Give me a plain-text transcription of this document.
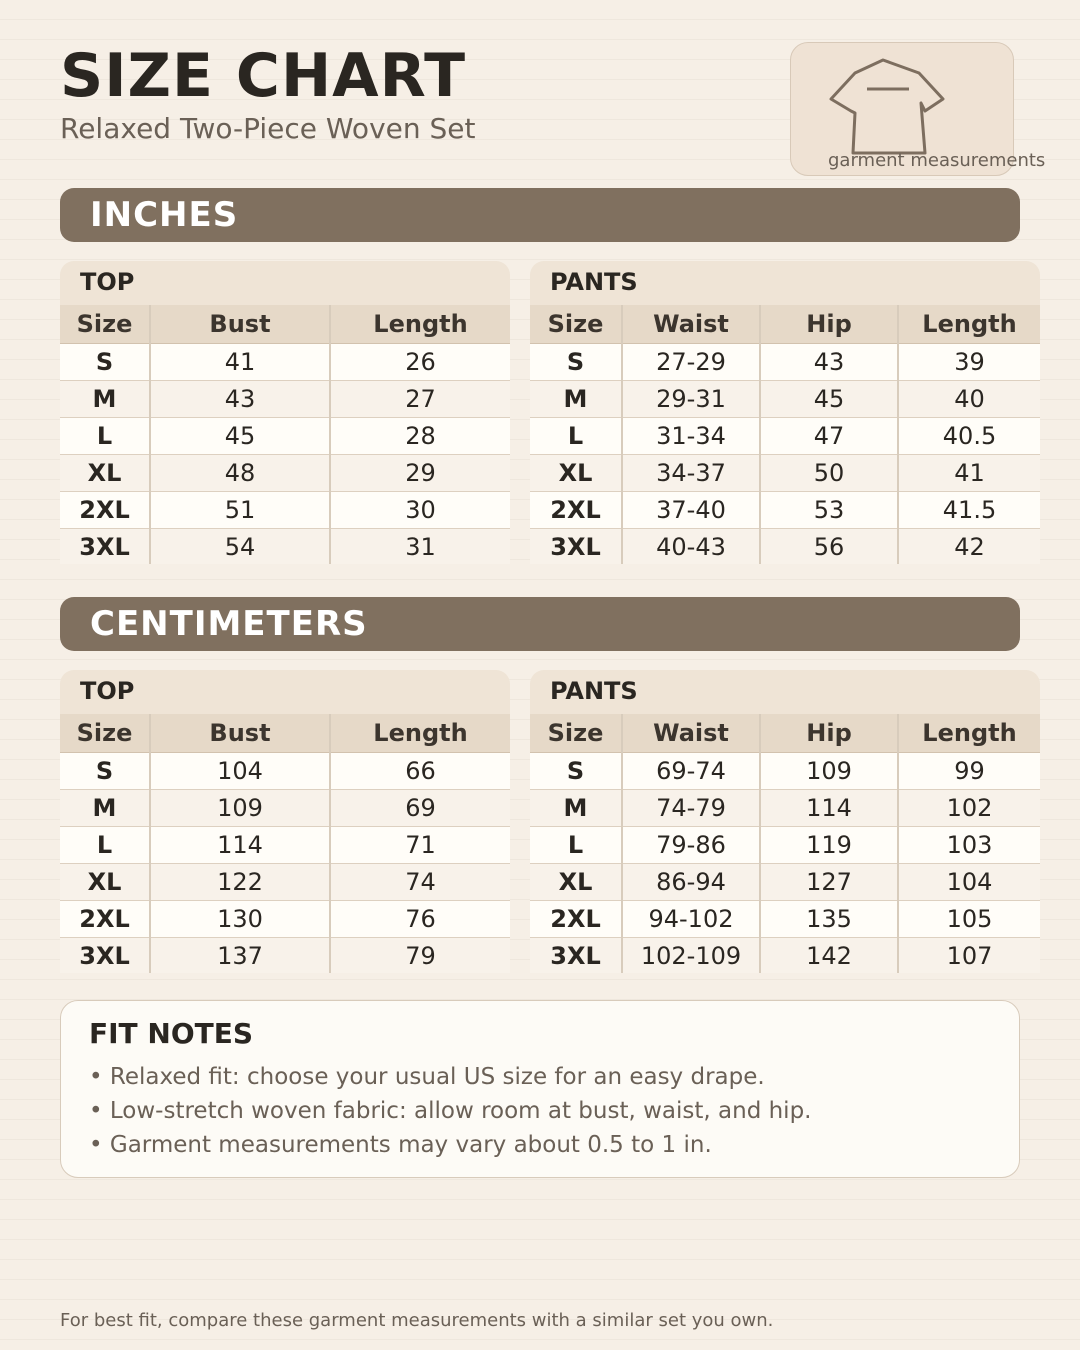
SIZE CHART
Relaxed Two-Piece Woven Set
garment measurements
INCHES
TOP
Size	Bust	Length
S	41	26
M	43	27
L	45	28
XL	48	29
2XL	51	30
3XL	54	31
PANTS
Size	Waist	Hip	Length
S	27-29	43	39
M	29-31	45	40
L	31-34	47	40.5
XL	34-37	50	41
2XL	37-40	53	41.5
3XL	40-43	56	42
CENTIMETERS
TOP
Size	Bust	Length
S	104	66
M	109	69
L	114	71
XL	122	74
2XL	130	76
3XL	137	79
PANTS
Size	Waist	Hip	Length
S	69-74	109	99
M	74-79	114	102
L	79-86	119	103
XL	86-94	127	104
2XL	94-102	135	105
3XL	102-109	142	107
FIT NOTES
• Relaxed fit: choose your usual US size for an easy drape.
• Low-stretch woven fabric: allow room at bust, waist, and hip.
• Garment measurements may vary about 0.5 to 1 in.
For best fit, compare these garment measurements with a similar set you own.
